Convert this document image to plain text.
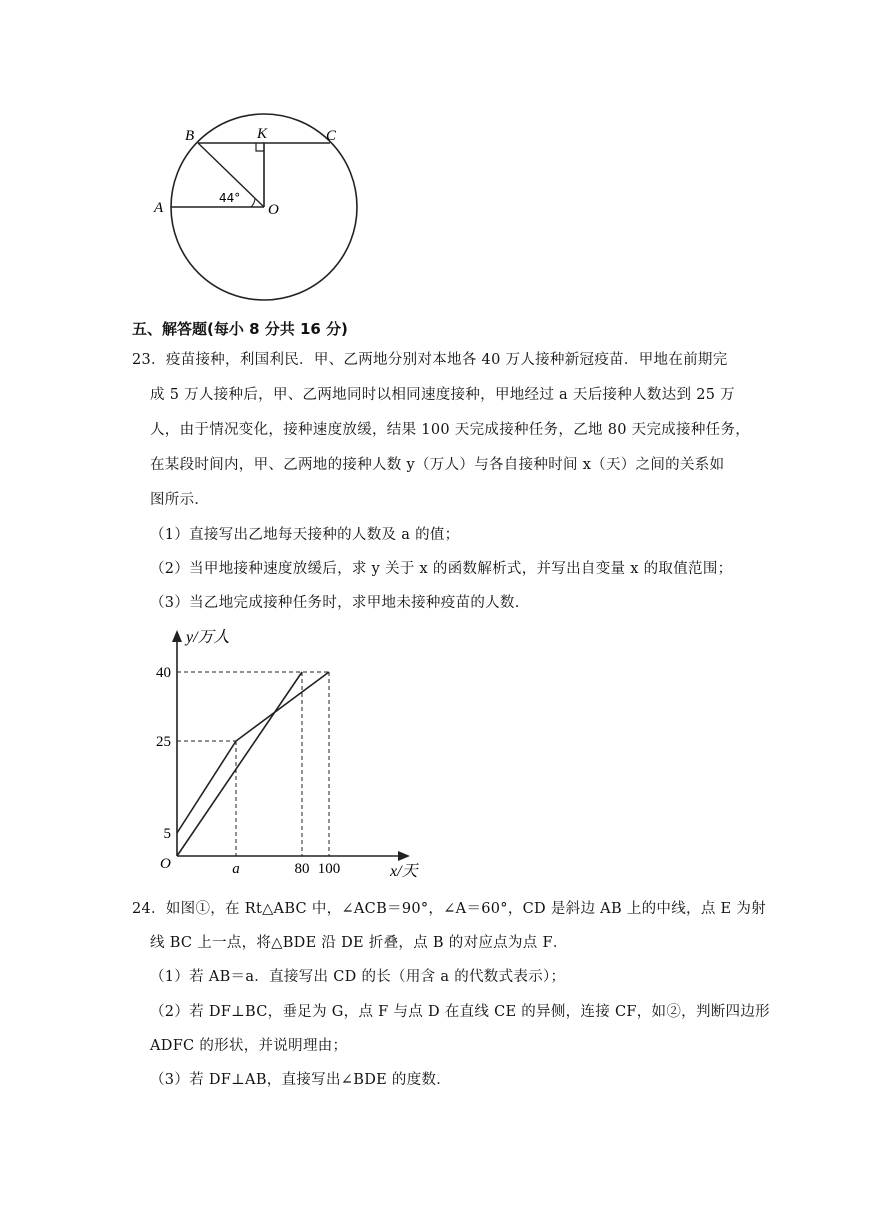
B	K	C
A	O
44°
五、解答题(每小 8 分共 16 分)
23．疫苗接种，利国利民．甲、乙两地分别对本地各 40 万人接种新冠疫苗．甲地在前期完
成 5 万人接种后，甲、乙两地同时以相同速度接种，甲地经过 a 天后接种人数达到 25 万
人，由于情况变化，接种速度放缓，结果 100 天完成接种任务，乙地 80 天完成接种任务，
在某段时间内，甲、乙两地的接种人数 y（万人）与各自接种时间 x（天）之间的关系如
图所示．
（1）直接写出乙地每天接种的人数及 a 的值；
（2）当甲地接种速度放缓后，求 y 关于 x 的函数解析式，并写出自变量 x 的取值范围；
（3）当乙地完成接种任务时，求甲地未接种疫苗的人数．
y/万人
x/天
O
5
25
40
a	80 100
24．如图①，在 Rt△ABC 中，∠ACB＝90°，∠A＝60°，CD 是斜边 AB 上的中线，点 E 为射
线 BC 上一点，将△BDE 沿 DE 折叠，点 B 的对应点为点 F．
（1）若 AB＝a．直接写出 CD 的长（用含 a 的代数式表示）；
（2）若 DF⊥BC，垂足为 G，点 F 与点 D 在直线 CE 的异侧，连接 CF，如②，判断四边形
ADFC 的形状，并说明理由；
（3）若 DF⊥AB，直接写出∠BDE 的度数．
